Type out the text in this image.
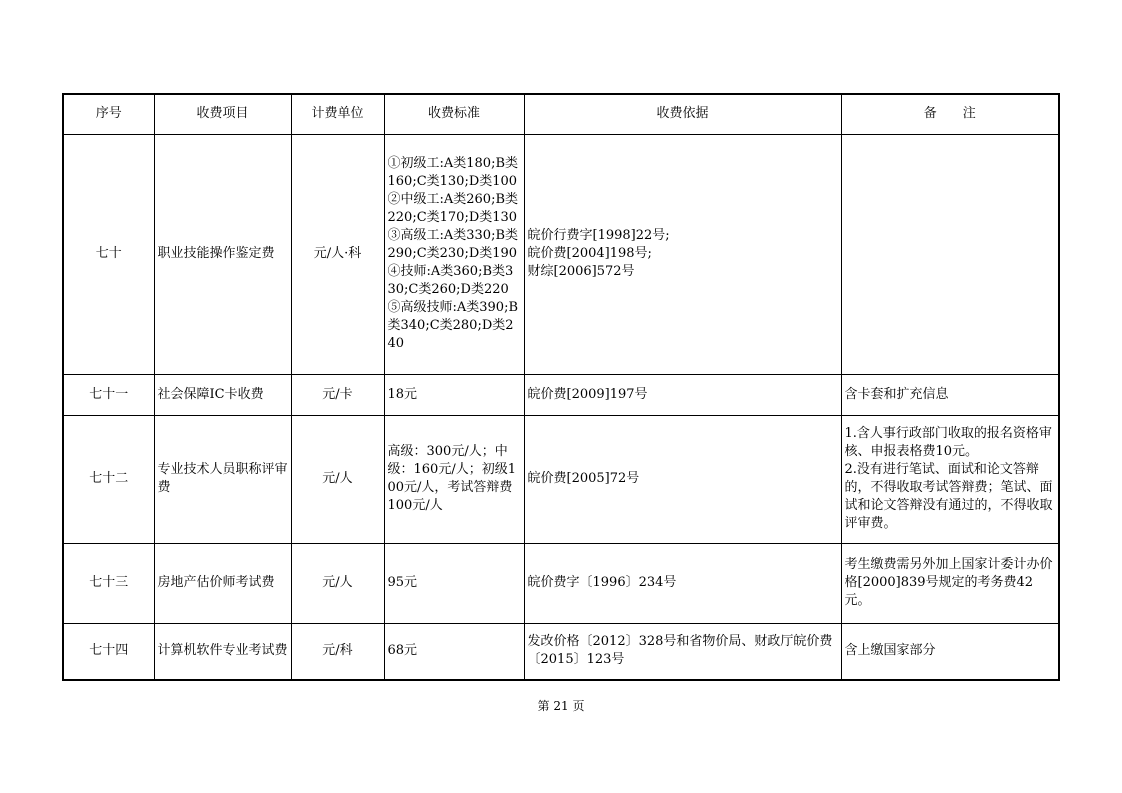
序号	收费项目	计费单位	收费标准	收费依据	备　　注
七十	职业技能操作鉴定费	元/人·科	①初级工:A类180;B类160;C类130;D类100②中级工:A类260;B类220;C类170;D类130③高级工:A类330;B类290;C类230;D类190④技师:A类360;B类330;C类260;D类220⑤高级技师:A类390;B类340;C类280;D类240	皖价行费字[1998]22号;
皖价费[2004]198号;
财综[2006]572号	
七十一	社会保障IC卡收费	元/卡	18元	皖价费[2009]197号	含卡套和扩充信息
七十二	专业技术人员职称评审费	元/人	高级：300元/人；中级：160元/人；初级100元/人，考试答辩费100元/人	皖价费[2005]72号	1.含人事行政部门收取的报名资格审核、申报表格费10元。
2.没有进行笔试、面试和论文答辩的，不得收取考试答辩费；笔试、面试和论文答辩没有通过的，不得收取评审费。
七十三	房地产估价师考试费	元/人	95元	皖价费字〔1996〕234号	考生缴费需另外加上国家计委计办价格[2000]839号规定的考务费42元。
七十四	计算机软件专业考试费	元/科	68元	发改价格〔2012〕328号和省物价局、财政厅皖价费〔2015〕123号	含上缴国家部分
第 21 页
